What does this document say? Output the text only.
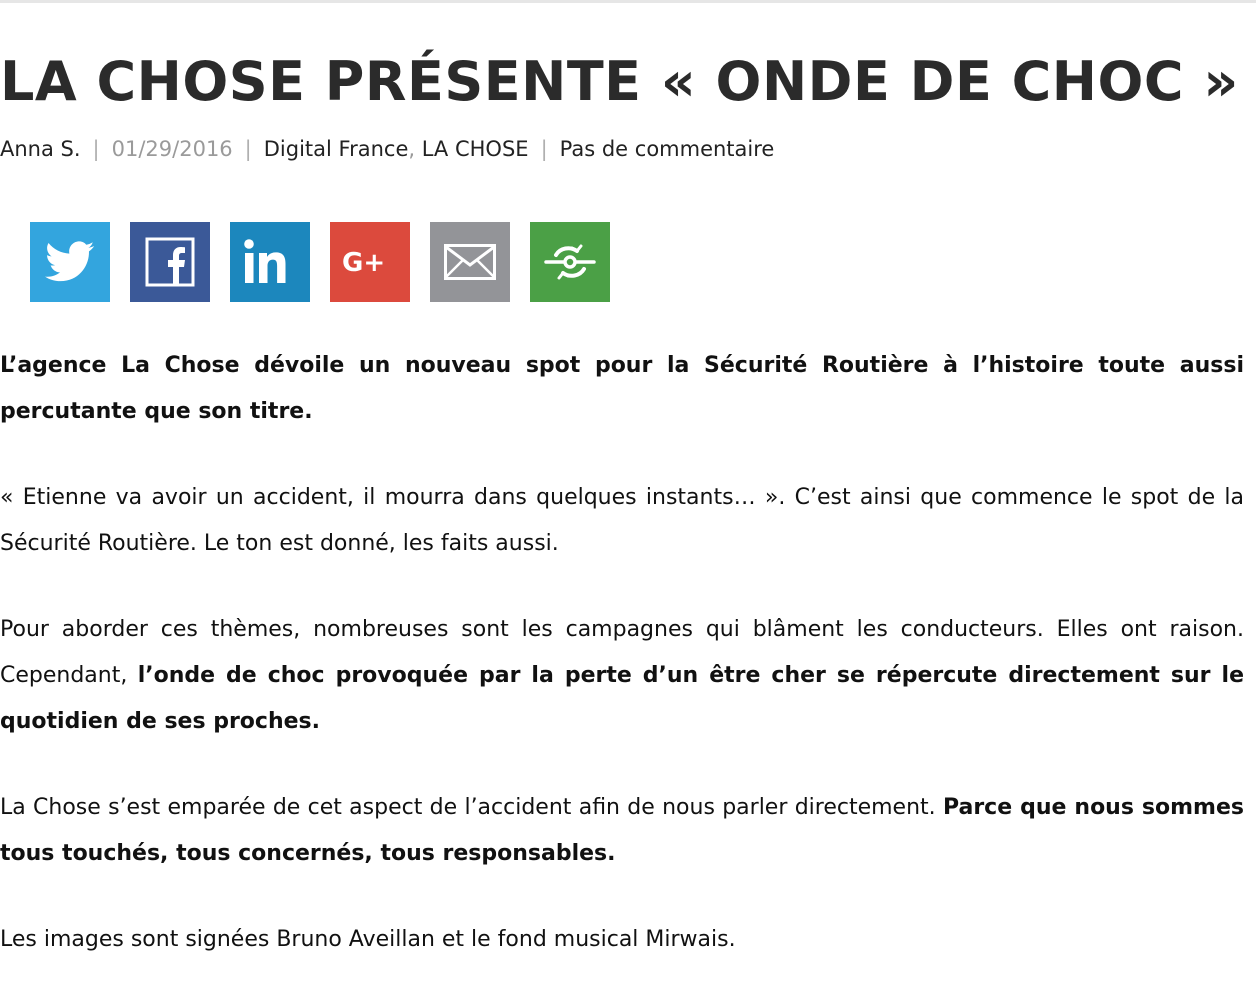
LA CHOSE PRÉSENTE « ONDE DE CHOC »
Anna S. | 01/29/2016 | Digital France, LA CHOSE | Pas de commentaire
G+

L’agence La Chose dévoile un nouveau spot pour la Sécurité Routière à l’histoire toute aussi percutante que son titre.

« Etienne va avoir un accident, il mourra dans quelques instants… ». C’est ainsi que commence le spot de la Sécurité Routière. Le ton est donné, les faits aussi.

Pour aborder ces thèmes, nombreuses sont les campagnes qui blâment les conducteurs. Elles ont raison. Cependant, l’onde de choc provoquée par la perte d’un être cher se répercute directement sur le quotidien de ses proches.

La Chose s’est emparée de cet aspect de l’accident afin de nous parler directement. Parce que nous sommes tous touchés, tous concernés, tous responsables.

Les images sont signées Bruno Aveillan et le fond musical Mirwais.
